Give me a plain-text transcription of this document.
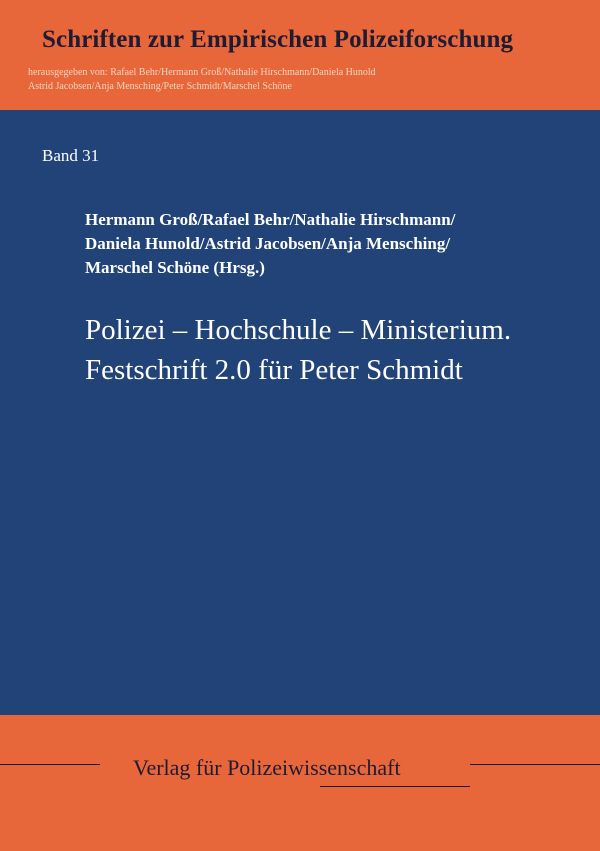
Schriften zur Empirischen Polizeiforschung
herausgegeben von: Rafael Behr/Hermann Groß/Nathalie Hirschmann/Daniela Hunold
Astrid Jacobsen/Anja Mensching/Peter Schmidt/Marschel Schöne
Band 31
Hermann Groß/Rafael Behr/Nathalie Hirschmann/
Daniela Hunold/Astrid Jacobsen/Anja Mensching/
Marschel Schöne (Hrsg.)
Polizei – Hochschule – Ministerium.
Festschrift 2.0 für Peter Schmidt
Verlag für Polizeiwissenschaft
